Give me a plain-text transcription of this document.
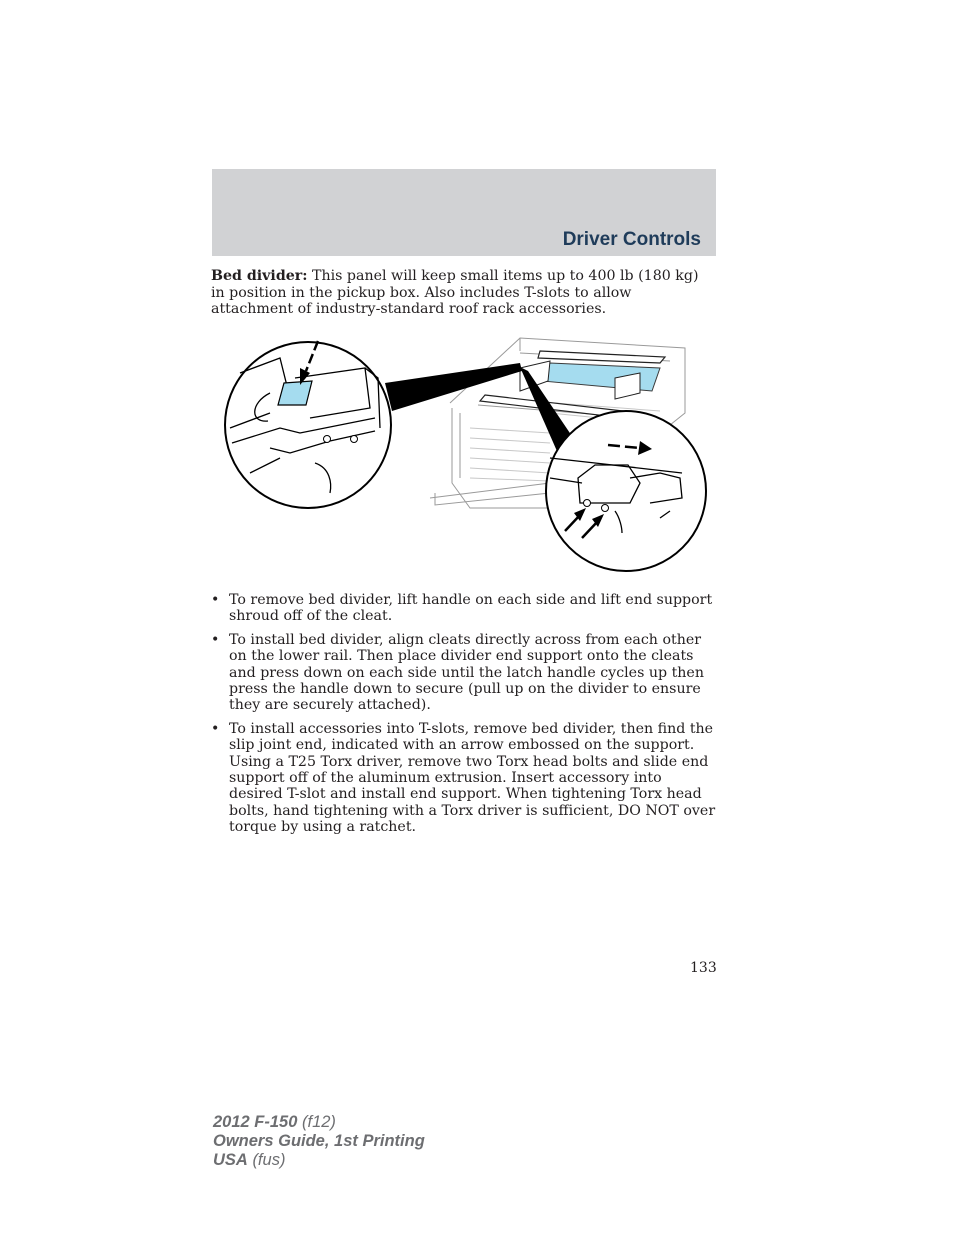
Driver Controls

Bed divider: This panel will keep small items up to 400 lb (180 kg) in position in the pickup box. Also includes T-slots to allow attachment of industry-standard roof rack accessories.

• To remove bed divider, lift handle on each side and lift end support shroud off of the cleat.
• To install bed divider, align cleats directly across from each other on the lower rail. Then place divider end support onto the cleats and press down on each side until the latch handle cycles up then press the handle down to secure (pull up on the divider to ensure they are securely attached).
• To install accessories into T-slots, remove bed divider, then find the slip joint end, indicated with an arrow embossed on the support. Using a T25 Torx driver, remove two Torx head bolts and slide end support off of the aluminum extrusion. Insert accessory into desired T-slot and install end support. When tightening Torx head bolts, hand tightening with a Torx driver is sufficient, DO NOT over torque by using a ratchet.
133
2012 F-150 (f12)
Owners Guide, 1st Printing
USA (fus)
